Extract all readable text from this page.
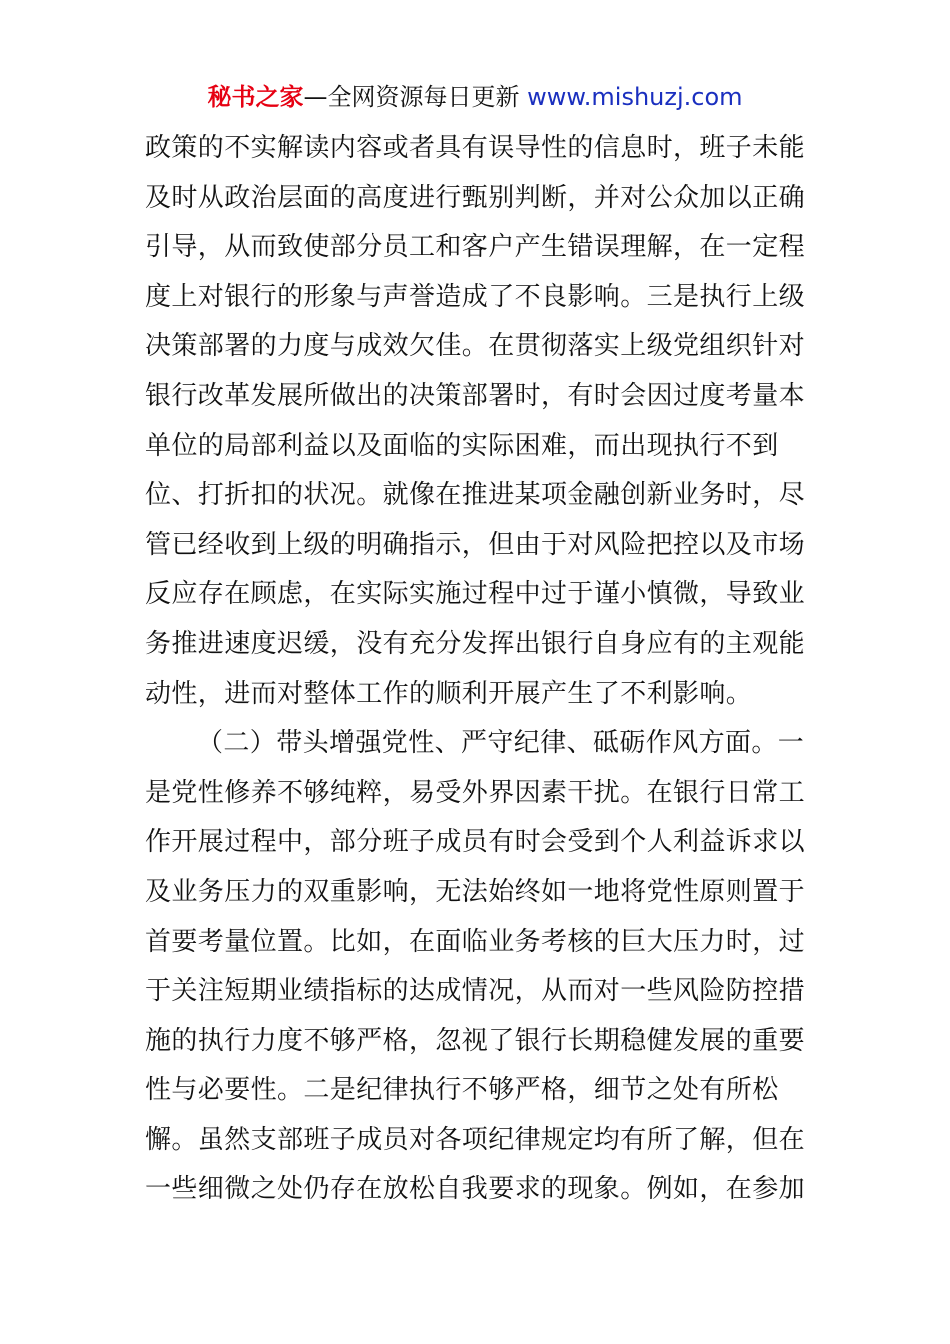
秘书之家—全网资源每日更新 www.mishuzj.com
政策的不实解读内容或者具有误导性的信息时，班子未能
及时从政治层面的高度进行甄别判断，并对公众加以正确
引导，从而致使部分员工和客户产生错误理解，在一定程
度上对银行的形象与声誉造成了不良影响。三是执行上级
决策部署的力度与成效欠佳。在贯彻落实上级党组织针对
银行改革发展所做出的决策部署时，有时会因过度考量本
单位的局部利益以及面临的实际困难，而出现执行不到
位、打折扣的状况。就像在推进某项金融创新业务时，尽
管已经收到上级的明确指示，但由于对风险把控以及市场
反应存在顾虑，在实际实施过程中过于谨小慎微，导致业
务推进速度迟缓，没有充分发挥出银行自身应有的主观能
动性，进而对整体工作的顺利开展产生了不利影响。
（二）带头增强党性、严守纪律、砥砺作风方面。一
是党性修养不够纯粹，易受外界因素干扰。在银行日常工
作开展过程中，部分班子成员有时会受到个人利益诉求以
及业务压力的双重影响，无法始终如一地将党性原则置于
首要考量位置。比如，在面临业务考核的巨大压力时，过
于关注短期业绩指标的达成情况，从而对一些风险防控措
施的执行力度不够严格，忽视了银行长期稳健发展的重要
性与必要性。二是纪律执行不够严格，细节之处有所松
懈。虽然支部班子成员对各项纪律规定均有所了解，但在
一些细微之处仍存在放松自我要求的现象。例如，在参加
